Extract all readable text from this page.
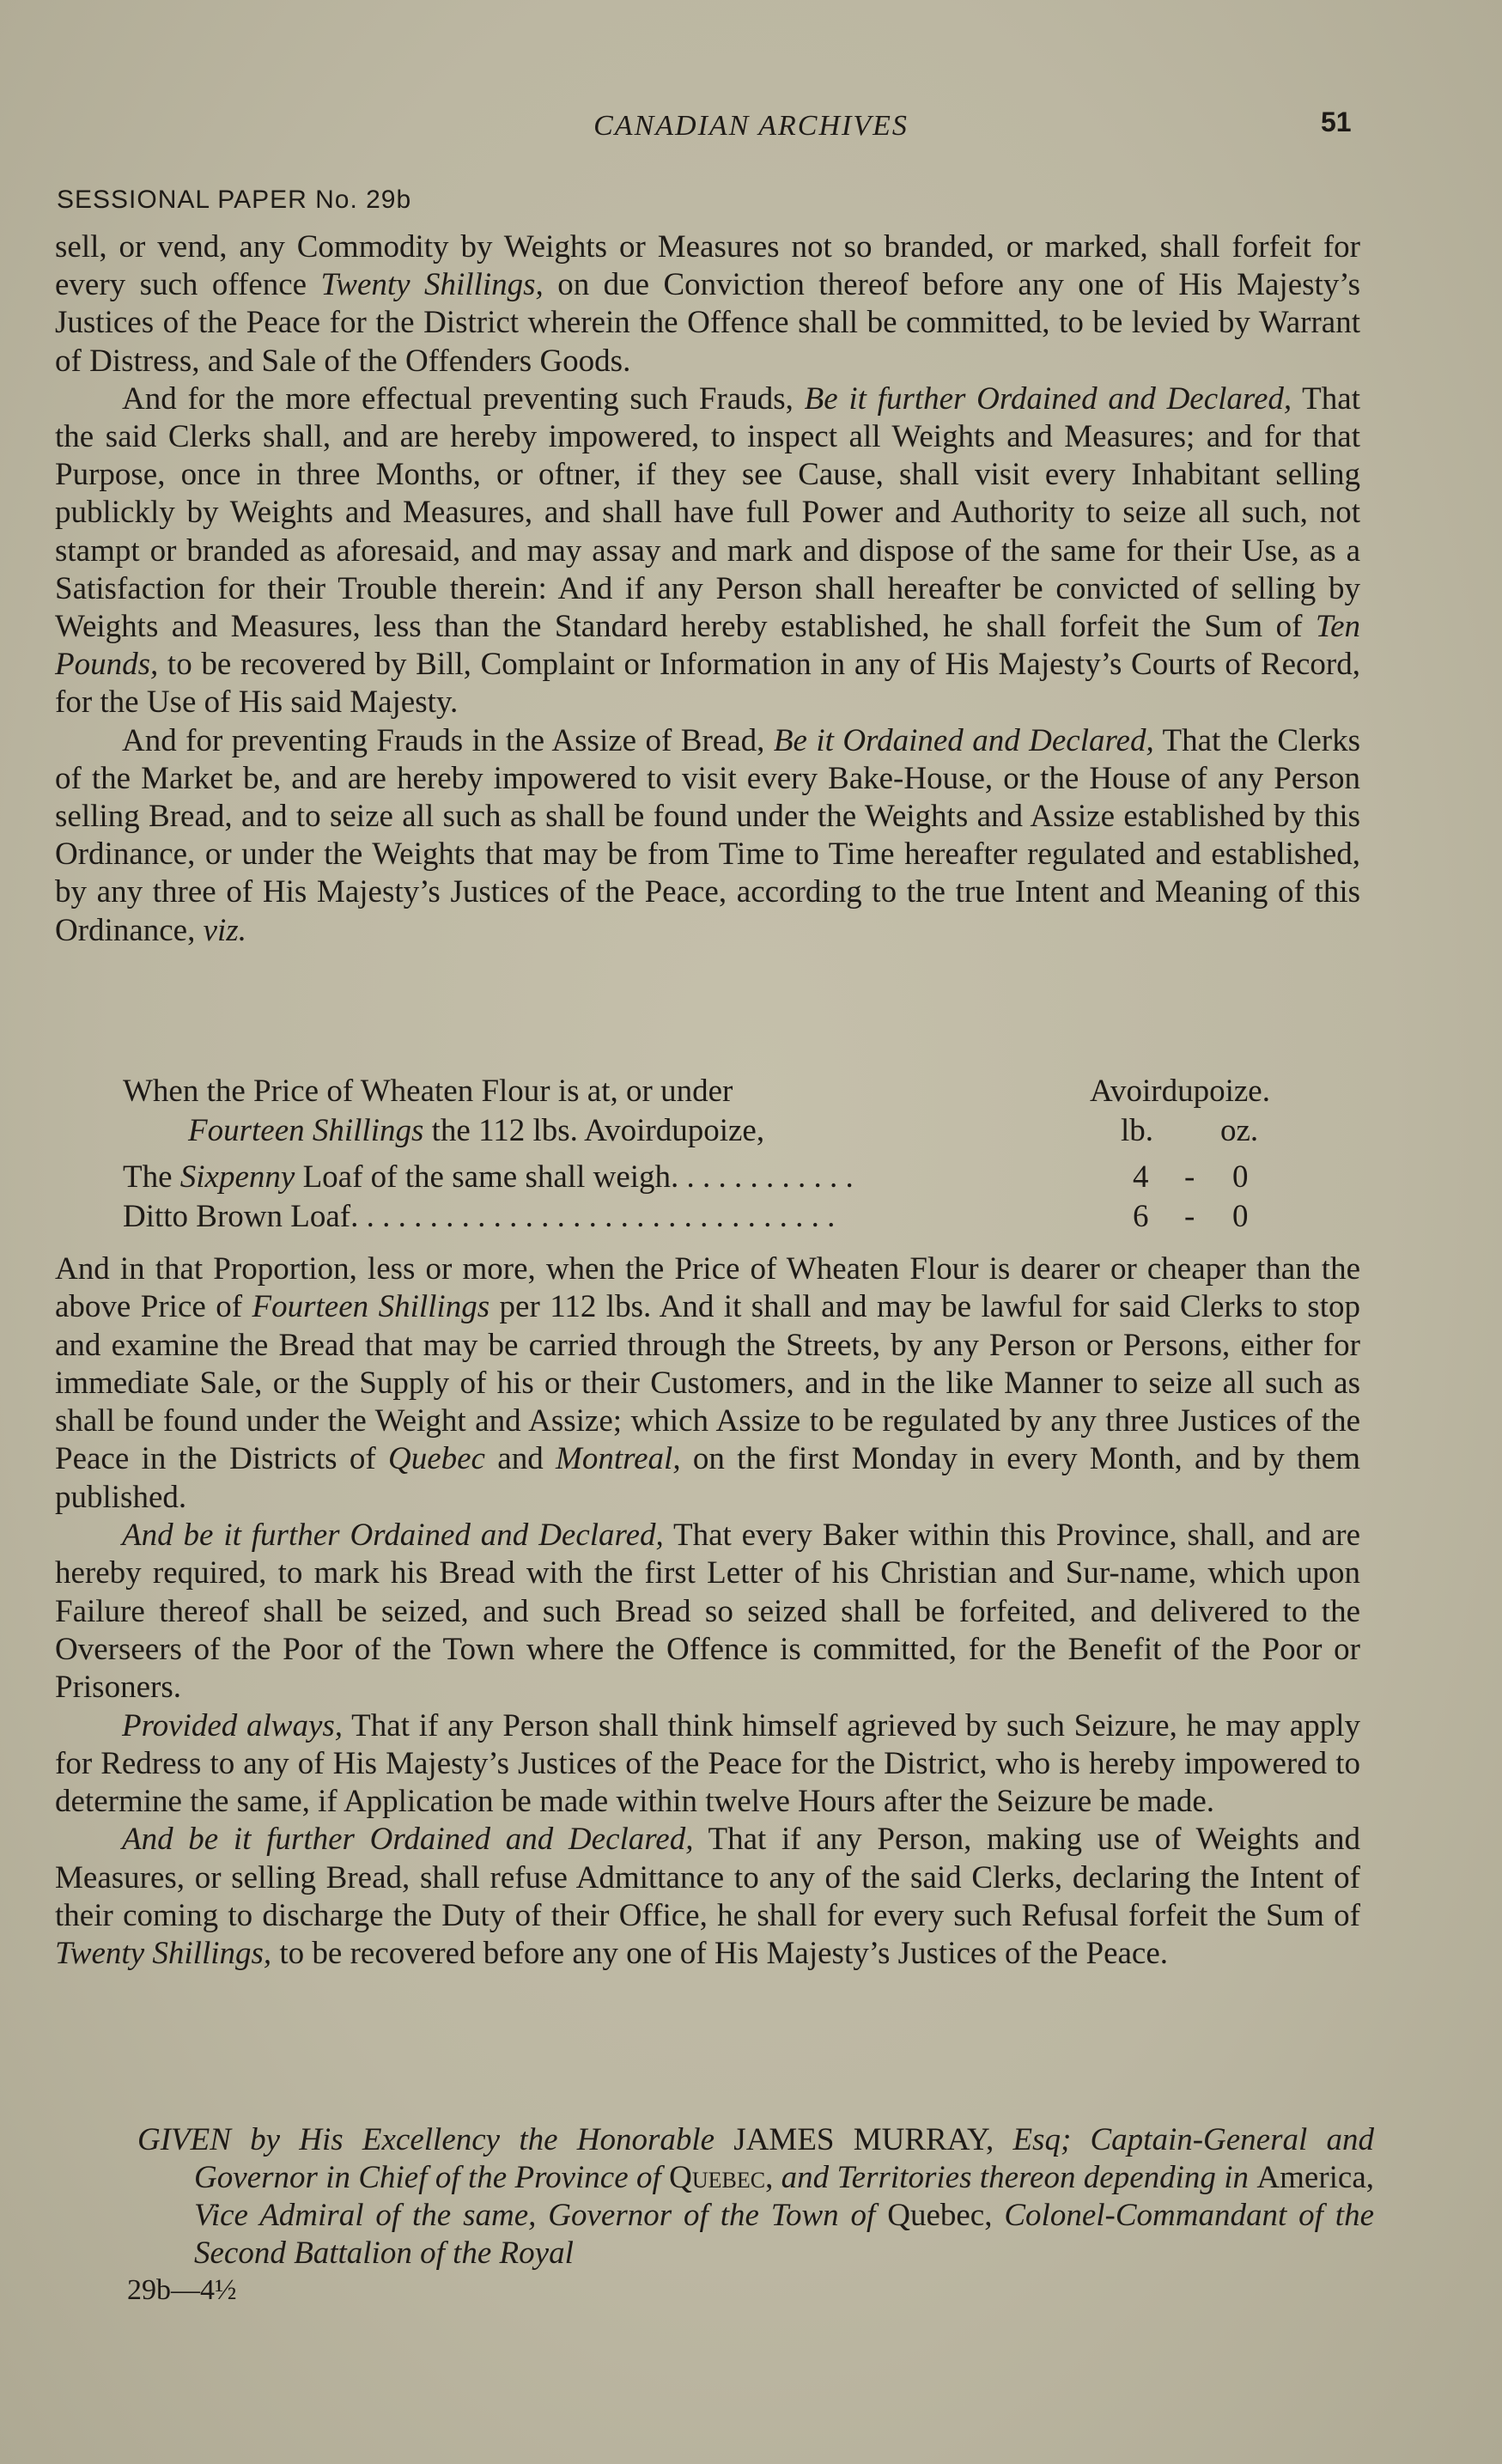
CANADIAN ARCHIVES	51
SESSIONAL PAPER No. 29b

sell, or vend, any Commodity by Weights or Measures not so branded, or marked, shall forfeit for every such offence Twenty Shillings, on due Conviction thereof before any one of His Majesty’s Justices of the Peace for the District wherein the Offence shall be committed, to be levied by Warrant of Distress, and Sale of the Offenders Goods.

And for the more effectual preventing such Frauds, Be it further Ordained and Declared, That the said Clerks shall, and are hereby impowered, to inspect all Weights and Measures; and for that Purpose, once in three Months, or oftner, if they see Cause, shall visit every Inhabitant selling publickly by Weights and Measures, and shall have full Power and Authority to seize all such, not stampt or branded as aforesaid, and may assay and mark and dispose of the same for their Use, as a Satisfaction for their Trouble therein: And if any Person shall hereafter be convicted of selling by Weights and Measures, less than the Standard hereby established, he shall forfeit the Sum of Ten Pounds, to be recovered by Bill, Complaint or Information in any of His Majesty’s Courts of Record, for the Use of His said Majesty.

And for preventing Frauds in the Assize of Bread, Be it Ordained and Declared, That the Clerks of the Market be, and are hereby impowered to visit every Bake-House, or the House of any Person selling Bread, and to seize all such as shall be found under the Weights and Assize established by this Ordinance, or under the Weights that may be from Time to Time hereafter regulated and established, by any three of His Majesty’s Justices of the Peace, according to the true Intent and Meaning of this Ordinance, viz.

When the Price of Wheaten Flour is at, or under	Avoirdupoize.
Fourteen Shillings the 112 lbs. Avoirdupoize,	lb. oz.
The Sixpenny Loaf of the same shall weigh. . . . . . . . . . . .	4 - 0
Ditto Brown Loaf. . . . . . . . . . . . . . . . . . . . . . . . . . . . . . .	6 - 0

And in that Proportion, less or more, when the Price of Wheaten Flour is dearer or cheaper than the above Price of Fourteen Shillings per 112 lbs. And it shall and may be lawful for said Clerks to stop and examine the Bread that may be carried through the Streets, by any Person or Persons, either for immediate Sale, or the Supply of his or their Customers, and in the like Manner to seize all such as shall be found under the Weight and Assize; which Assize to be regulated by any three Justices of the Peace in the Districts of Quebec and Montreal, on the first Monday in every Month, and by them published.

And be it further Ordained and Declared, That every Baker within this Province, shall, and are hereby required, to mark his Bread with the first Letter of his Christian and Sur-name, which upon Failure thereof shall be seized, and such Bread so seized shall be forfeited, and delivered to the Overseers of the Poor of the Town where the Offence is committed, for the Benefit of the Poor or Prisoners.

Provided always, That if any Person shall think himself agrieved by such Seizure, he may apply for Redress to any of His Majesty’s Justices of the Peace for the District, who is hereby impowered to determine the same, if Application be made within twelve Hours after the Seizure be made.

And be it further Ordained and Declared, That if any Person, making use of Weights and Measures, or selling Bread, shall refuse Admittance to any of the said Clerks, declaring the Intent of their coming to discharge the Duty of their Office, he shall for every such Refusal forfeit the Sum of Twenty Shillings, to be recovered before any one of His Majesty’s Justices of the Peace.

GIVEN by His Excellency the Honorable JAMES MURRAY, Esq; Captain-General and Governor in Chief of the Province of Quebec, and Territories thereon depending in America, Vice Admiral of the same, Governor of the Town of Quebec, Colonel-Commandant of the Second Battalion of the Royal

29b—4½
